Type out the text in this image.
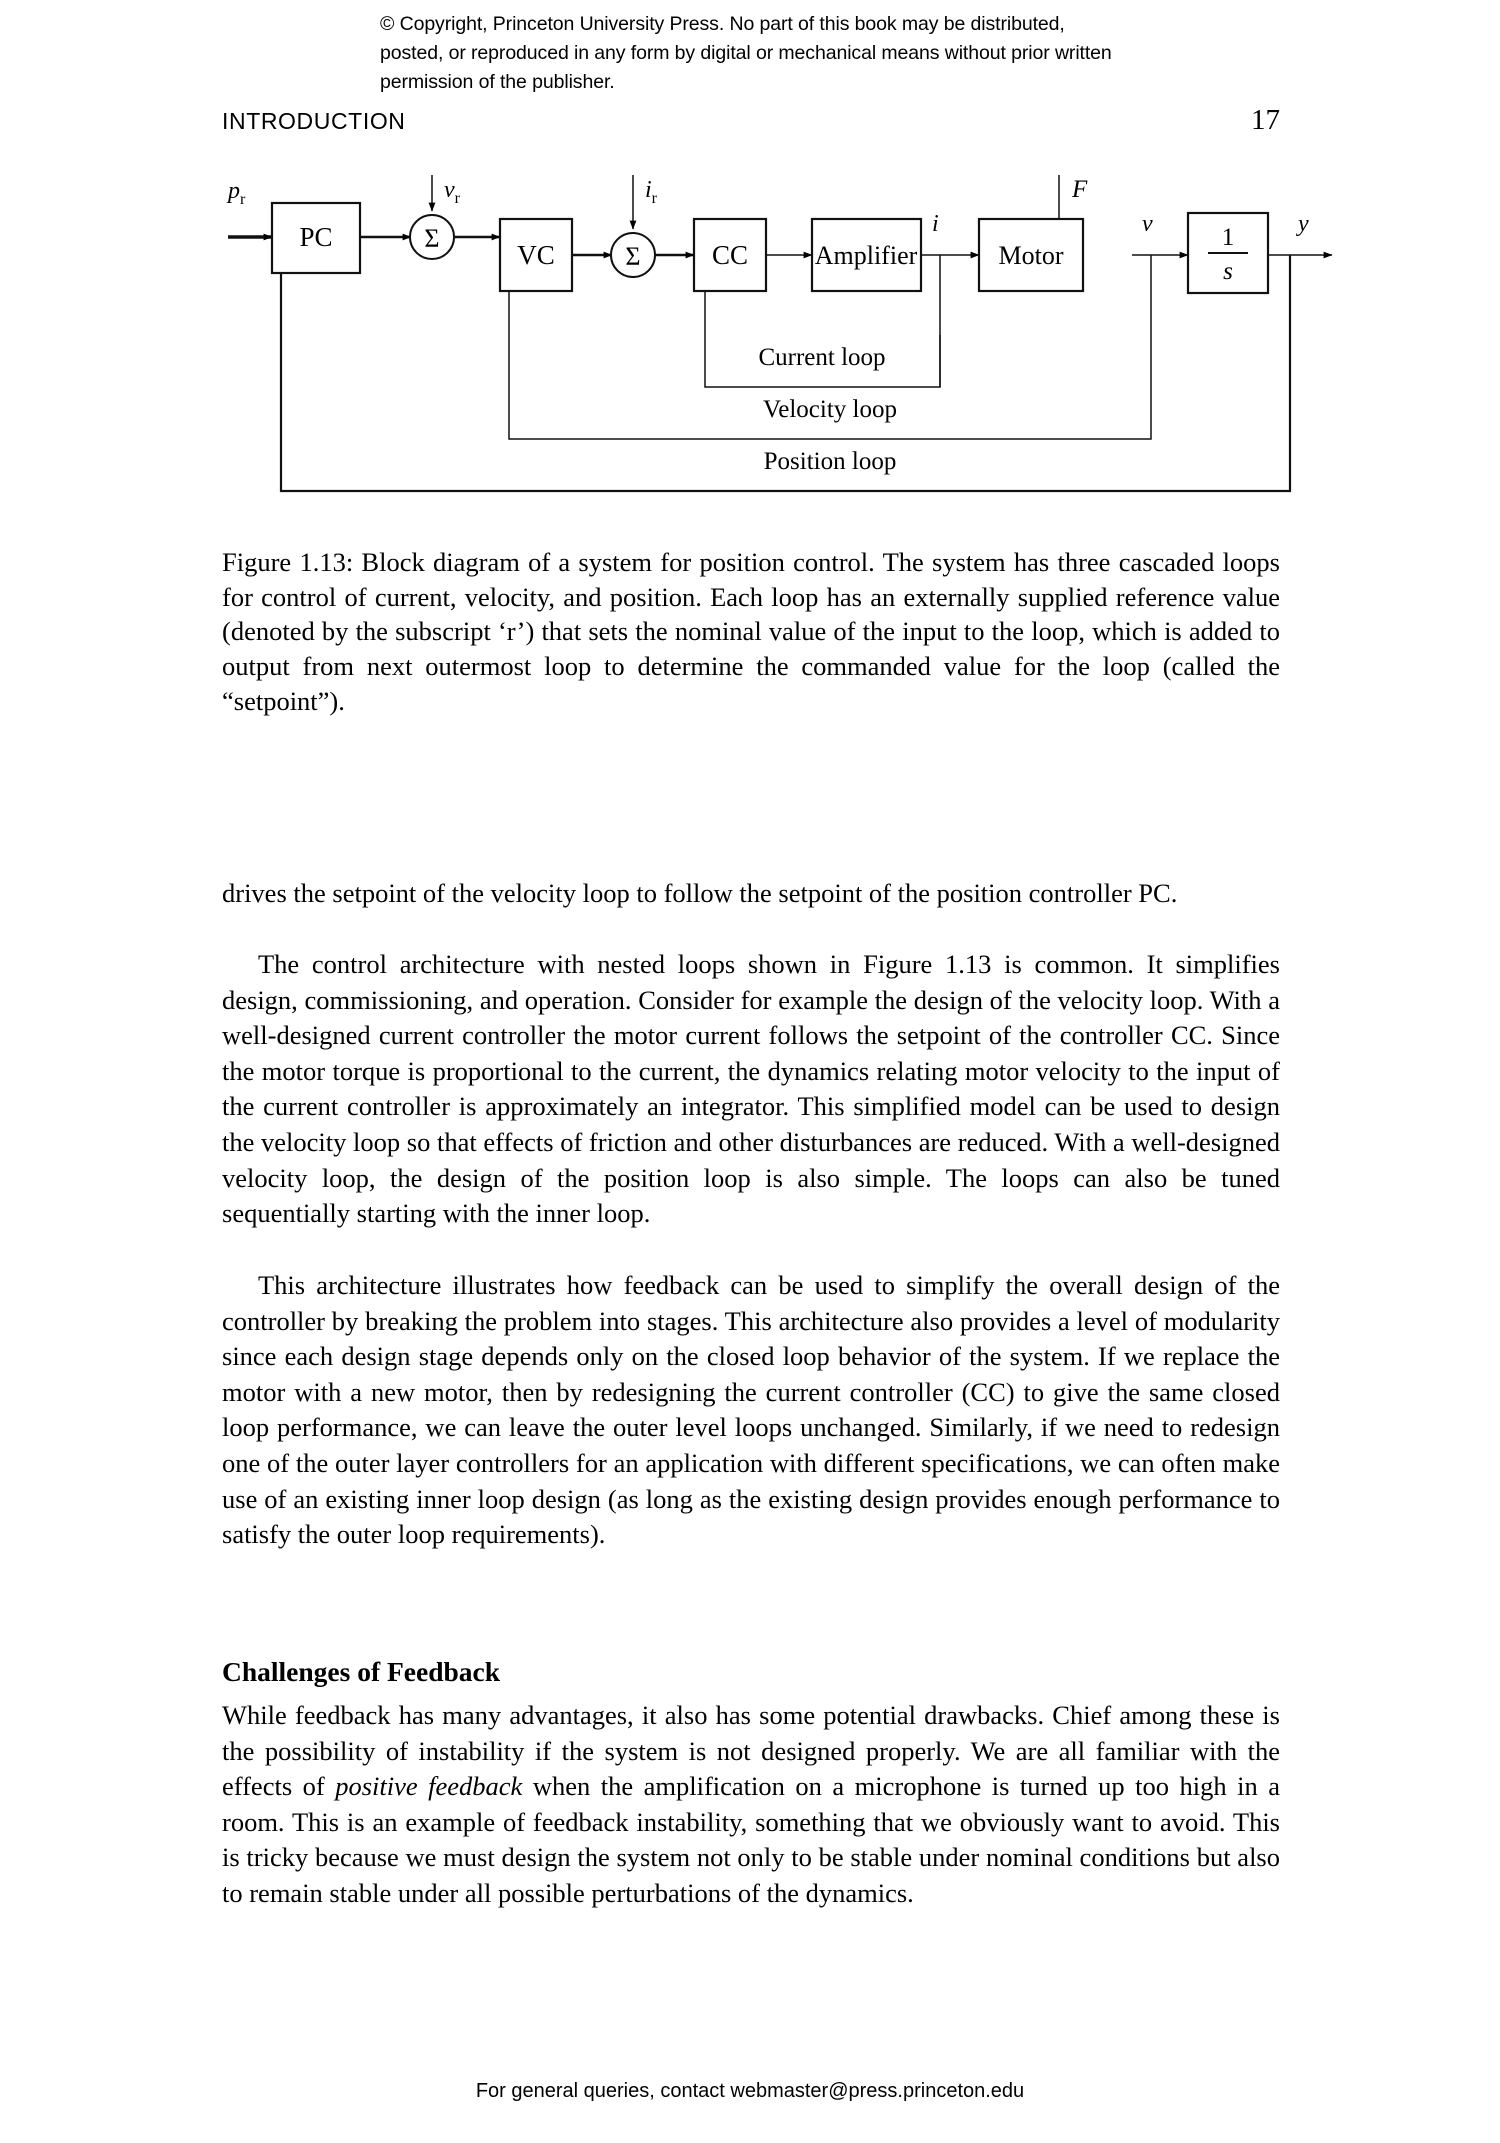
© Copyright, Princeton University Press. No part of this book may be distributed, posted, or reproduced in any form by digital or mechanical means without prior written permission of the publisher.
INTRODUCTION	17
PC
VC	CC	Amplifier	Motor
1
s
Σ
Σ
$p_r$	$v_r$	$i_r$	F
i	v	y
Current loop
Velocity loop
Position loop
Figure 1.13: Block diagram of a system for position control. The system has three cascaded loops for control of current, velocity, and position. Each loop has an externally supplied reference value (denoted by the subscript ‘r’) that sets the nominal value of the input to the loop, which is added to output from next outermost loop to determine the commanded value for the loop (called the “setpoint”).

drives the setpoint of the velocity loop to follow the setpoint of the position controller PC.

The control architecture with nested loops shown in Figure 1.13 is common. It simplifies design, commissioning, and operation. Consider for example the design of the velocity loop. With a well-designed current controller the motor current follows the setpoint of the controller CC. Since the motor torque is proportional to the current, the dynamics relating motor velocity to the input of the current controller is approximately an integrator. This simplified model can be used to design the velocity loop so that effects of friction and other disturbances are reduced. With a well-designed velocity loop, the design of the position loop is also simple. The loops can also be tuned sequentially starting with the inner loop.

This architecture illustrates how feedback can be used to simplify the overall design of the controller by breaking the problem into stages. This architecture also provides a level of modularity since each design stage depends only on the closed loop behavior of the system. If we replace the motor with a new motor, then by redesigning the current controller (CC) to give the same closed loop performance, we can leave the outer level loops unchanged. Similarly, if we need to redesign one of the outer layer controllers for an application with different specifications, we can often make use of an existing inner loop design (as long as the existing design provides enough performance to satisfy the outer loop requirements).

Challenges of Feedback

While feedback has many advantages, it also has some potential drawbacks. Chief among these is the possibility of instability if the system is not designed properly. We are all familiar with the effects of positive feedback when the amplification on a microphone is turned up too high in a room. This is an example of feedback instability, something that we obviously want to avoid. This is tricky because we must design the system not only to be stable under nominal conditions but also to remain stable under all possible perturbations of the dynamics.

For general queries, contact webmaster@press.princeton.edu
